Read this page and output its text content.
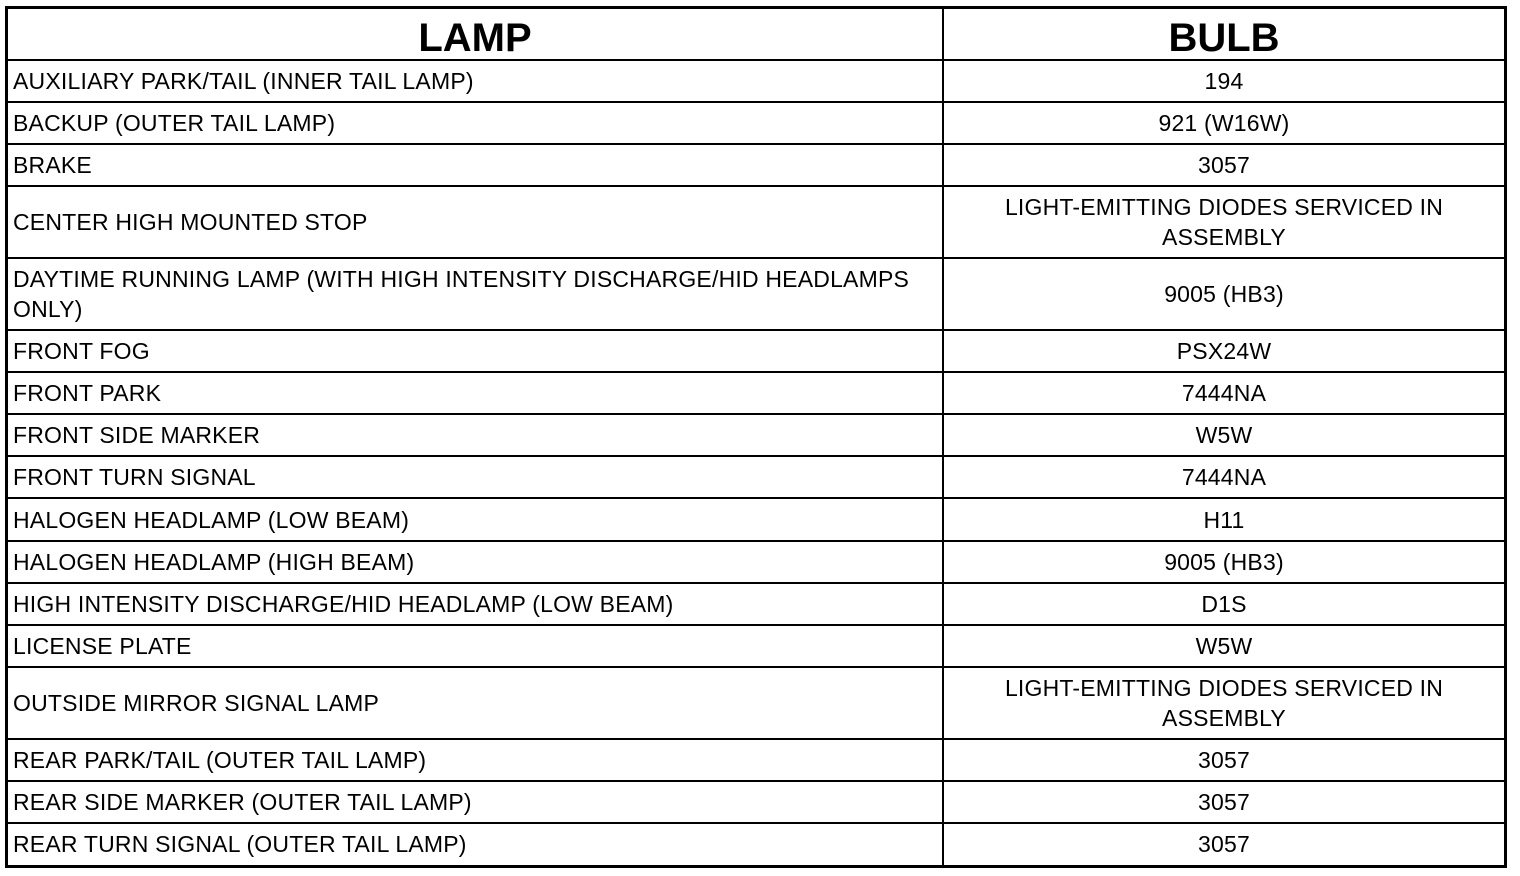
LAMP	BULB
AUXILIARY PARK/TAIL (INNER TAIL LAMP)	194
BACKUP (OUTER TAIL LAMP)	921 (W16W)
BRAKE	3057
CENTER HIGH MOUNTED STOP	LIGHT-EMITTING DIODES SERVICED IN ASSEMBLY
DAYTIME RUNNING LAMP (WITH HIGH INTENSITY DISCHARGE/HID HEADLAMPS ONLY)	9005 (HB3)
FRONT FOG	PSX24W
FRONT PARK	7444NA
FRONT SIDE MARKER	W5W
FRONT TURN SIGNAL	7444NA
HALOGEN HEADLAMP (LOW BEAM)	H11
HALOGEN HEADLAMP (HIGH BEAM)	9005 (HB3)
HIGH INTENSITY DISCHARGE/HID HEADLAMP (LOW BEAM)	D1S
LICENSE PLATE	W5W
OUTSIDE MIRROR SIGNAL LAMP	LIGHT-EMITTING DIODES SERVICED IN ASSEMBLY
REAR PARK/TAIL (OUTER TAIL LAMP)	3057
REAR SIDE MARKER (OUTER TAIL LAMP)	3057
REAR TURN SIGNAL (OUTER TAIL LAMP)	3057
